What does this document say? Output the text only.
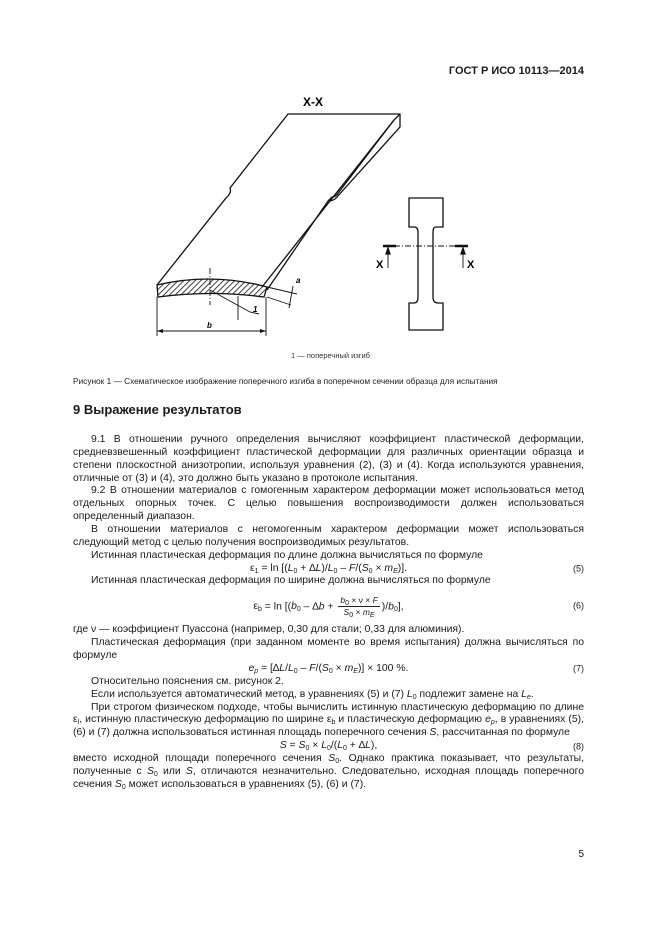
ГОСТ Р ИСО 10113—2014
X-X
b
a
1
X	X
1 — поперечный изгиб
Рисунок 1 — Схематическое изображение поперечного изгиба в поперечном сечении образца для испытания
9 Выражение результатов

9.1 В отношении ручного определения вычисляют коэффициент пластической деформации, средневзвешенный коэффициент пластической деформации для различных ориентации образца и степени плоскостной анизотропии, используя уравнения (2), (3) и (4). Когда используются уравнения, отличные от (3) и (4), это должно быть указано в протоколе испытания.

9.2 В отношении материалов с гомогенным характером деформации может использоваться метод отдельных опорных точек. С целью повышения воспроизводимости должен использоваться определенный диапазон.

В отношении материалов с негомогенным характером деформации может использоваться следующий метод с целью получения воспроизводимых результатов.

Истинная пластическая деформация по длине должна вычисляться по формуле

$\varepsilon_1 = \ln [(L_0 + \Delta L)/L_0 - F/(S_0 \times m_E)]$.	(5)

Истинная пластическая деформация по ширине должна вычисляться по формуле

$\varepsilon_b = \ln [(b_0 - \Delta b + \frac{b_0 \times \nu \times F}{S_0 \times m_E} )/b_0]$,	(6)

где ν — коэффициент Пуассона (например, 0,30 для стали; 0,33 для алюминия).

Пластическая деформация (при заданном моменте во время испытания) должна вычисляться по формуле

$e_p = [\Delta L/L_0 - F/(S_0 \times m_E)] \times 100$ %.	(7)

Относительно пояснения см. рисунок 2.

Если используется автоматический метод, в уравнениях (5) и (7) $L_0$ подлежит замене на $L_e$.

При строгом физическом подходе, чтобы вычислить истинную пластическую деформацию по длине $\varepsilon_l$, истинную пластическую деформацию по ширине $\varepsilon_b$ и пластическую деформацию $e_p$, в уравнениях (5), (6) и (7) должна использоваться истинная площадь поперечного сечения S, рассчитанная по формуле

$S = S_0 \times L_0/(L_0 + \Delta L)$,	(8)

вместо исходной площади поперечного сечения $S_0$. Однако практика показывает, что результаты, полученные с $S_0$ или S, отличаются незначительно. Следовательно, исходная площадь поперечного сечения $S_0$ может использоваться в уравнениях (5), (6) и (7).

5
